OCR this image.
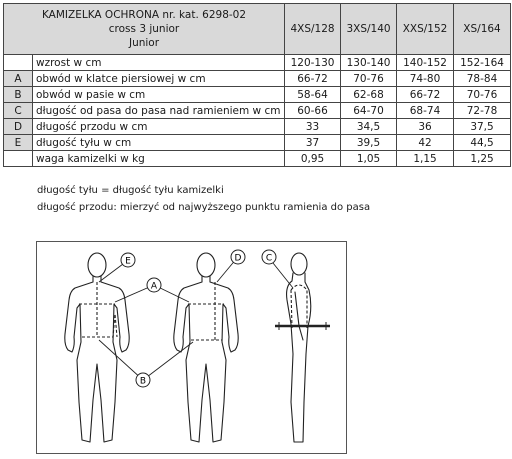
KAMIZELKA OCHRONA nr. kat. 6298-02
cross 3 junior
Junior		4XS/128	3XS/140	XXS/152	XS/164
	wzrost w cm	120-130	130-140	140-152	152-164
A	obwód w klatce piersiowej w cm	66-72	70-76	74-80	78-84
B	obwód w pasie w cm	58-64	62-68	66-72	70-76
C	długość od pasa do pasa nad ramieniem w cm	60-66	64-70	68-74	72-78
D	długość przodu w cm	33	34,5	36	37,5
E	długość tyłu w cm	37	39,5	42	44,5
	waga kamizelki w kg	0,95	1,05	1,15	1,25
długość tyłu = długość tyłu kamizelki
długość przodu: mierzyć od najwyższego punktu ramienia do pasa
A
B
C
D
E
